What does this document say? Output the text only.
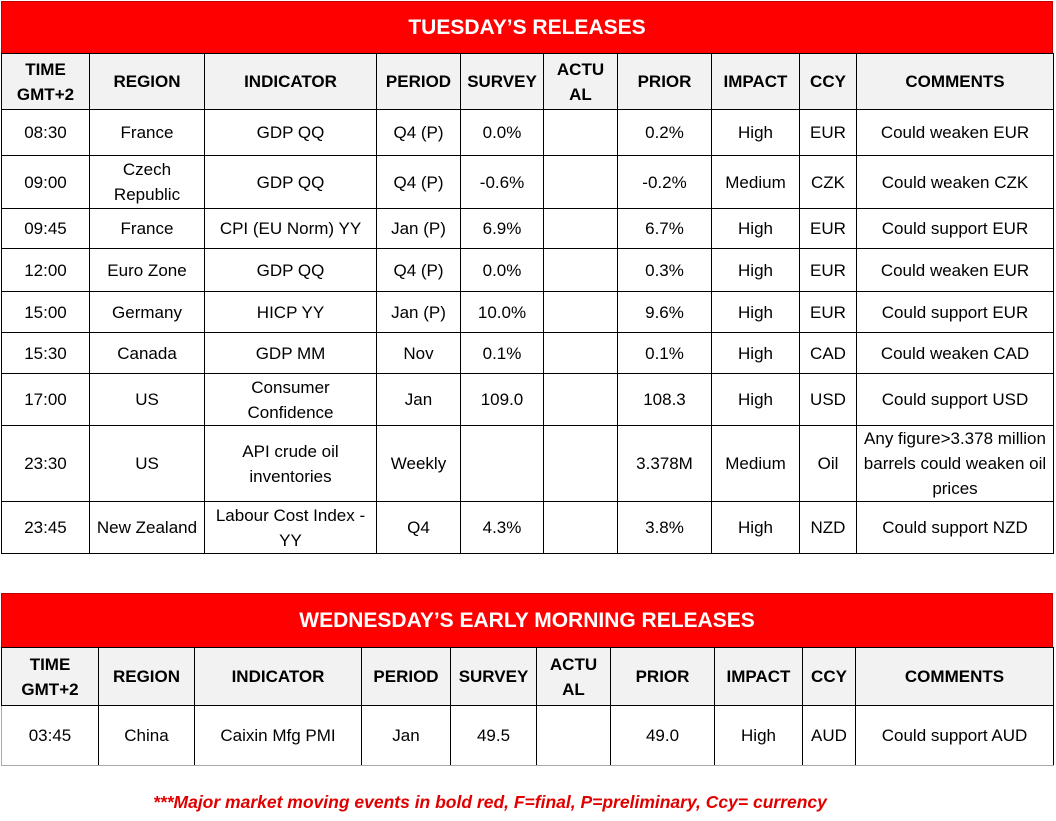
TUESDAY’S RELEASES
TIME GMT+2	REGION	INDICATOR	PERIOD	SURVEY	ACTU AL	PRIOR	IMPACT	CCY	COMMENTS
08:30	France	GDP QQ	Q4 (P)	0.0%		0.2%	High	EUR	Could weaken EUR
09:00	Czech Republic	GDP QQ	Q4 (P)	-0.6%		-0.2%	Medium	CZK	Could weaken CZK
09:45	France	CPI (EU Norm) YY	Jan (P)	6.9%		6.7%	High	EUR	Could support EUR
12:00	Euro Zone	GDP QQ	Q4 (P)	0.0%		0.3%	High	EUR	Could weaken EUR
15:00	Germany	HICP YY	Jan (P)	10.0%		9.6%	High	EUR	Could support EUR
15:30	Canada	GDP MM	Nov	0.1%		0.1%	High	CAD	Could weaken CAD
17:00	US	Consumer Confidence	Jan	109.0		108.3	High	USD	Could support USD
23:30	US	API crude oil inventories	Weekly			3.378M	Medium	Oil	Any figure>3.378 million barrels could weaken oil prices
23:45	New Zealand	Labour Cost Index - YY	Q4	4.3%		3.8%	High	NZD	Could support NZD
WEDNESDAY’S EARLY MORNING RELEASES
TIME GMT+2	REGION	INDICATOR	PERIOD	SURVEY	ACTU AL	PRIOR	IMPACT	CCY	COMMENTS
03:45	China	Caixin Mfg PMI	Jan	49.5		49.0	High	AUD	Could support AUD
***Major market moving events in bold red, F=final, P=preliminary, Ccy= currency
